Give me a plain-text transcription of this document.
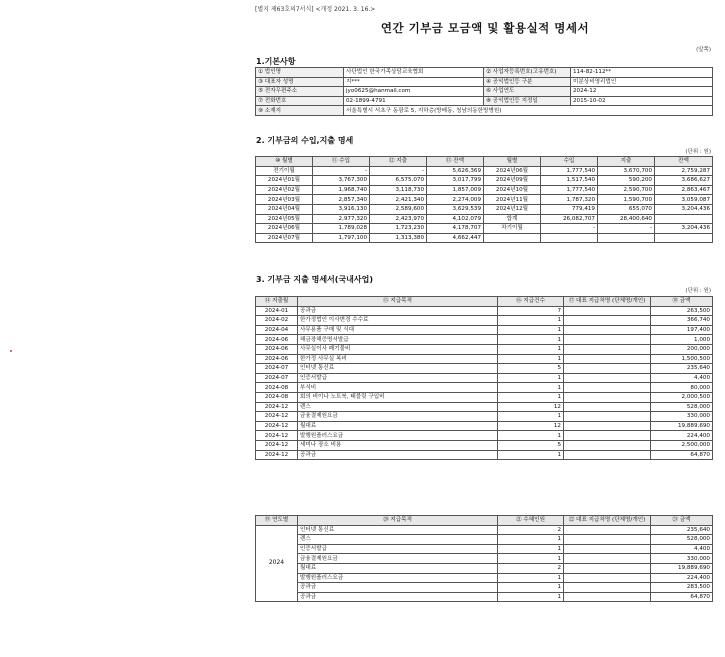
[별지 제63호의7서식] <개정 2021. 3. 16.>
연간 기부금 모금액 및 활용실적 명세서
(앞쪽)
1.기본사항
① 법인명	사단법인 한국가족상담교육협회	② 사업자등록번호(고유번호)	114-82-112**
③ 대표자 성명	지***	④ 공익법인등 구분	미분상비영리법인
⑤ 전자우편주소	jyo0625@hanmail.com	⑥ 사업연도	2024-12
⑦ 전화번호	02-1899-4791	⑧ 공익법인등 지정일	2015-10-02
⑨ 소재지	서울특별시 서초구 동광로 5, 지하층(방배동, 청남의동한방병원)		
2. 기부금의 수입,지출 명세
(단위 : 원)
⑩ 월별	⑪ 수입	⑫ 지출	⑬ 잔액	월별	수입	지출	잔액
전기이월	-	-	5,626,369	2024년06월	1,777,540	3,670,700	2,759,287
2024년01월	3,767,300	6,575,070	3,017,799	2024년09월	1,517,540	590,200	3,686,627
2024년02월	1,968,740	3,118,730	1,857,009	2024년10월	1,777,540	2,590,700	2,863,467
2024년03월	2,857,340	2,421,340	2,274,009	2024년11월	1,787,320	1,590,700	3,059,087
2024년04월	3,916,130	2,589,600	3,629,539	2024년12월	779,419	655,070	3,204,436
2024년05월	2,977,320	2,423,970	4,102,079	합계	26,082,707	28,400,640	
2024년06월	1,789,028	1,723,230	4,178,707	차기이월	-	-	3,204,436
2024년07월	1,797,100	1,313,380	4,662,447				
3. 기부금 지출 명세서(국내사업)
(단위 : 원)
⑭ 지출월	⑮ 지급목적	⑯ 지급건수	⑰ 대표 지급처명 (단체명/개인)	⑱ 금액
2024-01	공과금	7		263,500
2024-02	한가정법인 이사변경 수수료	1		366,740
2024-04	사무용품 구매 및 식대	1		197,400
2024-06	해금장해증명서발급	1		1,000
2024-06	사무실이사 폐기물비	1		200,000
2024-06	한가정 사무실 복비	1		1,500,500
2024-07	인터넷 통신료	5		235,640
2024-07	인증서발급	1		4,400
2024-08	부식비	1		80,000
2024-08	회의 비이나 노트북, 태블릿 구입비	1		2,000,500
2024-12	렌스	12		528,000
2024-12	금융결제원요금	1		330,000
2024-12	월대료	12		19,889,690
2024-12	발행원플러스요금	1		224,400
2024-12	세미나 장소 비용	5		2,500,000
2024-12	공과금	1		64,870
⑲ 연도별	⑳ 지급목적	㉑ 수혜인원	㉒ 대표 지급처명 (단체명/개인)	㉓ 금액
2024	인터넷 통신료	2		235,640
	렌스	1		528,000
	인증서발급	1		4,400
	금융결제원요금	1		330,000
	월대료	2		19,889,690
	발행원플러스요금	1		224,400
	공과금	1		283,500
	공과금	1		64,870
